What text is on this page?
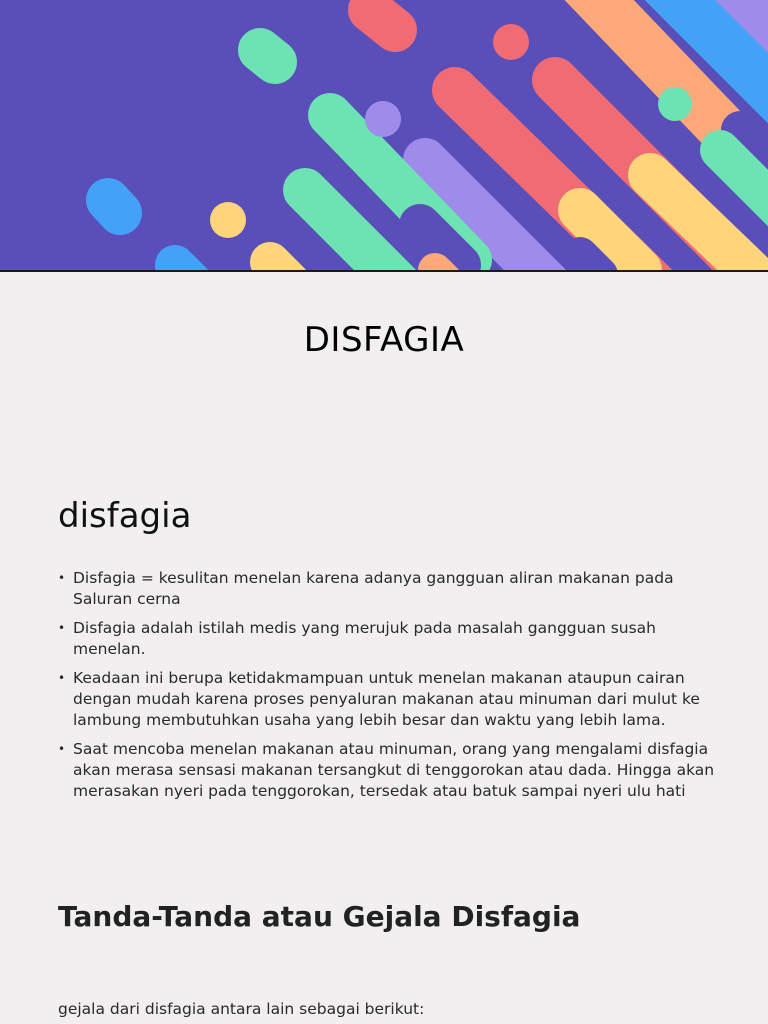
DISFAGIA
disfagia
• Disfagia = kesulitan menelan karena adanya gangguan aliran makanan pada Saluran cerna
• Disfagia adalah istilah medis yang merujuk pada masalah gangguan susah menelan.
• Keadaan ini berupa ketidakmampuan untuk menelan makanan ataupun cairan dengan mudah karena proses penyaluran makanan atau minuman dari mulut ke lambung membutuhkan usaha yang lebih besar dan waktu yang lebih lama.
• Saat mencoba menelan makanan atau minuman, orang yang mengalami disfagia akan merasa sensasi makanan tersangkut di tenggorokan atau dada. Hingga akan merasakan nyeri pada tenggorokan, tersedak atau batuk sampai nyeri ulu hati
Tanda-Tanda atau Gejala Disfagia
gejala dari disfagia antara lain sebagai berikut:
